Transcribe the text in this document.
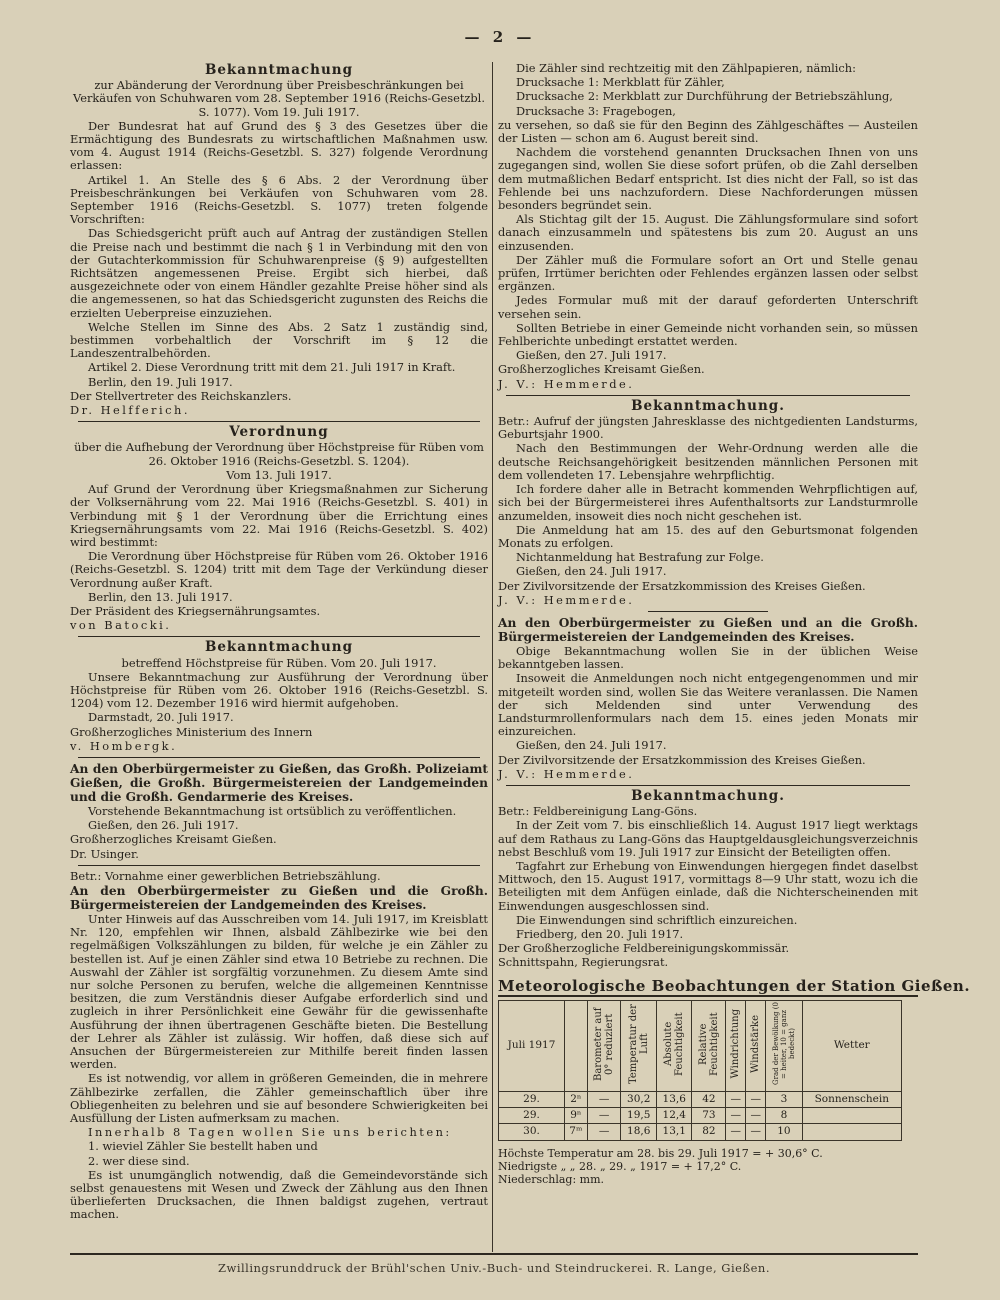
— 2 —
Bekanntmachung

zur Abänderung der Verordnung über Preisbeschränkungen bei Verkäufen von Schuhwaren vom 28. September 1916 (Reichs-Gesetzbl. S. 1077). Vom 19. Juli 1917.

Der Bundesrat hat auf Grund des § 3 des Gesetzes über die Ermächtigung des Bundesrats zu wirtschaftlichen Maßnahmen usw. vom 4. August 1914 (Reichs-Gesetzbl. S. 327) folgende Verordnung erlassen:

Artikel 1. An Stelle des § 6 Abs. 2 der Verordnung über Preisbeschränkungen bei Verkäufen von Schuhwaren vom 28. September 1916 (Reichs-Gesetzbl. S. 1077) treten folgende Vorschriften:

Das Schiedsgericht prüft auch auf Antrag der zuständigen Stellen die Preise nach und bestimmt die nach § 1 in Verbindung mit den von der Gutachterkommission für Schuhwarenpreise (§ 9) aufgestellten Richtsätzen angemessenen Preise. Ergibt sich hierbei, daß ausgezeichnete oder von einem Händler gezahlte Preise höher sind als die angemessenen, so hat das Schiedsgericht zugunsten des Reichs die erzielten Ueberpreise einzuziehen.

Welche Stellen im Sinne des Abs. 2 Satz 1 zuständig sind, bestimmen vorbehaltlich der Vorschrift im § 12 die Landeszentralbehörden.

Artikel 2. Diese Verordnung tritt mit dem 21. Juli 1917 in Kraft.

Berlin, den 19. Juli 1917.

Der Stellvertreter des Reichskanzlers.

Dr. Helfferich.

Verordnung

über die Aufhebung der Verordnung über Höchstpreise für Rüben vom 26. Oktober 1916 (Reichs-Gesetzbl. S. 1204).

Vom 13. Juli 1917.

Auf Grund der Verordnung über Kriegsmaßnahmen zur Sicherung der Volksernährung vom 22. Mai 1916 (Reichs-Gesetzbl. S. 401) in Verbindung mit § 1 der Verordnung über die Errichtung eines Kriegsernährungsamts vom 22. Mai 1916 (Reichs-Gesetzbl. S. 402) wird bestimmt:

Die Verordnung über Höchstpreise für Rüben vom 26. Oktober 1916 (Reichs-Gesetzbl. S. 1204) tritt mit dem Tage der Verkündung dieser Verordnung außer Kraft.

Berlin, den 13. Juli 1917.

Der Präsident des Kriegsernährungsamtes.

von Batocki.

Bekanntmachung

betreffend Höchstpreise für Rüben. Vom 20. Juli 1917.

Unsere Bekanntmachung zur Ausführung der Verordnung über Höchstpreise für Rüben vom 26. Oktober 1916 (Reichs-Gesetzbl. S. 1204) vom 12. Dezember 1916 wird hiermit aufgehoben.

Darmstadt, 20. Juli 1917.

Großherzogliches Ministerium des Innern

v. Hombergk.

An den Oberbürgermeister zu Gießen, das Großh. Polizeiamt Gießen, die Großh. Bürgermeistereien der Landgemeinden und die Großh. Gendarmerie des Kreises.

Vorstehende Bekanntmachung ist ortsüblich zu veröffentlichen.

Gießen, den 26. Juli 1917.

Großherzogliches Kreisamt Gießen.

Dr. Usinger.

Betr.: Vornahme einer gewerblichen Betriebszählung.

An den Oberbürgermeister zu Gießen und die Großh. Bürgermeistereien der Landgemeinden des Kreises.

Unter Hinweis auf das Ausschreiben vom 14. Juli 1917, im Kreisblatt Nr. 120, empfehlen wir Ihnen, alsbald Zählbezirke wie bei den regelmäßigen Volkszählungen zu bilden, für welche je ein Zähler zu bestellen ist. Auf je einen Zähler sind etwa 10 Betriebe zu rechnen. Die Auswahl der Zähler ist sorgfältig vorzunehmen. Zu diesem Amte sind nur solche Personen zu berufen, welche die allgemeinen Kenntnisse besitzen, die zum Verständnis dieser Aufgabe erforderlich sind und zugleich in ihrer Persönlichkeit eine Gewähr für die gewissenhafte Ausführung der ihnen übertragenen Geschäfte bieten. Die Bestellung der Lehrer als Zähler ist zulässig. Wir hoffen, daß diese sich auf Ansuchen der Bürgermeistereien zur Mithilfe bereit finden lassen werden.

Es ist notwendig, vor allem in größeren Gemeinden, die in mehrere Zählbezirke zerfallen, die Zähler gemeinschaftlich über ihre Obliegenheiten zu belehren und sie auf besondere Schwierigkeiten bei Ausfüllung der Listen aufmerksam zu machen.

Innerhalb 8 Tagen wollen Sie uns berichten:

1. wieviel Zähler Sie bestellt haben und

2. wer diese sind.

Es ist unumgänglich notwendig, daß die Gemeindevorstände sich selbst genauestens mit Wesen und Zweck der Zählung aus den Ihnen überlieferten Drucksachen, die Ihnen baldigst zugehen, vertraut machen.

Die Zähler sind rechtzeitig mit den Zählpapieren, nämlich:

Drucksache 1: Merkblatt für Zähler,

Drucksache 2: Merkblatt zur Durchführung der Betriebszählung,

Drucksache 3: Fragebogen,

zu versehen, so daß sie für den Beginn des Zählgeschäftes — Austeilen der Listen — schon am 6. August bereit sind.

Nachdem die vorstehend genannten Drucksachen Ihnen von uns zugegangen sind, wollen Sie diese sofort prüfen, ob die Zahl derselben dem mutmaßlichen Bedarf entspricht. Ist dies nicht der Fall, so ist das Fehlende bei uns nachzufordern. Diese Nachforderungen müssen besonders begründet sein.

Als Stichtag gilt der 15. August. Die Zählungsformulare sind sofort danach einzusammeln und spätestens bis zum 20. August an uns einzusenden.

Der Zähler muß die Formulare sofort an Ort und Stelle genau prüfen, Irrtümer berichten oder Fehlendes ergänzen lassen oder selbst ergänzen.

Jedes Formular muß mit der darauf geforderten Unterschrift versehen sein.

Sollten Betriebe in einer Gemeinde nicht vorhanden sein, so müssen Fehlberichte unbedingt erstattet werden.

Gießen, den 27. Juli 1917.

Großherzogliches Kreisamt Gießen.

J. V.: Hemmerde.

Bekanntmachung.

Betr.: Aufruf der jüngsten Jahresklasse des nichtgedienten Landsturms, Geburtsjahr 1900.

Nach den Bestimmungen der Wehr-Ordnung werden alle die deutsche Reichsangehörigkeit besitzenden männlichen Personen mit dem vollendeten 17. Lebensjahre wehrpflichtig.

Ich fordere daher alle in Betracht kommenden Wehrpflichtigen auf, sich bei der Bürgermeisterei ihres Aufenthaltsorts zur Landsturmrolle anzumelden, insoweit dies noch nicht geschehen ist.

Die Anmeldung hat am 15. des auf den Geburtsmonat folgenden Monats zu erfolgen.

Nichtanmeldung hat Bestrafung zur Folge.

Gießen, den 24. Juli 1917.

Der Zivilvorsitzende der Ersatzkommission des Kreises Gießen.

J. V.: Hemmerde.

An den Oberbürgermeister zu Gießen und an die Großh. Bürgermeistereien der Landgemeinden des Kreises.

Obige Bekanntmachung wollen Sie in der üblichen Weise bekanntgeben lassen.

Insoweit die Anmeldungen noch nicht entgegengenommen und mir mitgeteilt worden sind, wollen Sie das Weitere veranlassen. Die Namen der sich Meldenden sind unter Verwendung des Landsturmrollenformulars nach dem 15. eines jeden Monats mir einzureichen.

Gießen, den 24. Juli 1917.

Der Zivilvorsitzende der Ersatzkommission des Kreises Gießen.

J. V.: Hemmerde.

Bekanntmachung.

Betr.: Feldbereinigung Lang-Göns.

In der Zeit vom 7. bis einschließlich 14. August 1917 liegt werktags auf dem Rathaus zu Lang-Göns das Hauptgeldausgleichungsverzeichnis nebst Beschluß vom 19. Juli 1917 zur Einsicht der Beteiligten offen.

Tagfahrt zur Erhebung von Einwendungen hiergegen findet daselbst Mittwoch, den 15. August 1917, vormittags 8—9 Uhr statt, wozu ich die Beteiligten mit dem Anfügen einlade, daß die Nichterscheinenden mit Einwendungen ausgeschlossen sind.

Die Einwendungen sind schriftlich einzureichen.

Friedberg, den 20. Juli 1917.

Der Großherzogliche Feldbereinigungskommissär.

Schnittspahn, Regierungsrat.

Meteorologische Beobachtungen der Station Gießen.
Juli 1917		Barometer auf 0° reduziert	Temperatur der Luft	Absolute Feuchtigkeit	Relative Feuchtigkeit	Windrichtung	Windstärke	Grad der Bewölkung (0 = heiter, 10 = ganz bedeckt)	Wetter
29.	2ⁿ	—	30,2	13,6	42	—	—	3	Sonnenschein
29.	9ⁿ	—	19,5	12,4	73	—	—	8	
30.	7ᵐ	—	18,6	13,1	82	—	—	10	
Höchste Temperatur am 28. bis 29. Juli 1917 = + 30,6° C.
Niedrigste „ „ 28. „ 29. „ 1917 = + 17,2° C.
Niederschlag: mm.
Zwillingsrunddruck der Brühl'schen Univ.-Buch- und Steindruckerei. R. Lange, Gießen.
